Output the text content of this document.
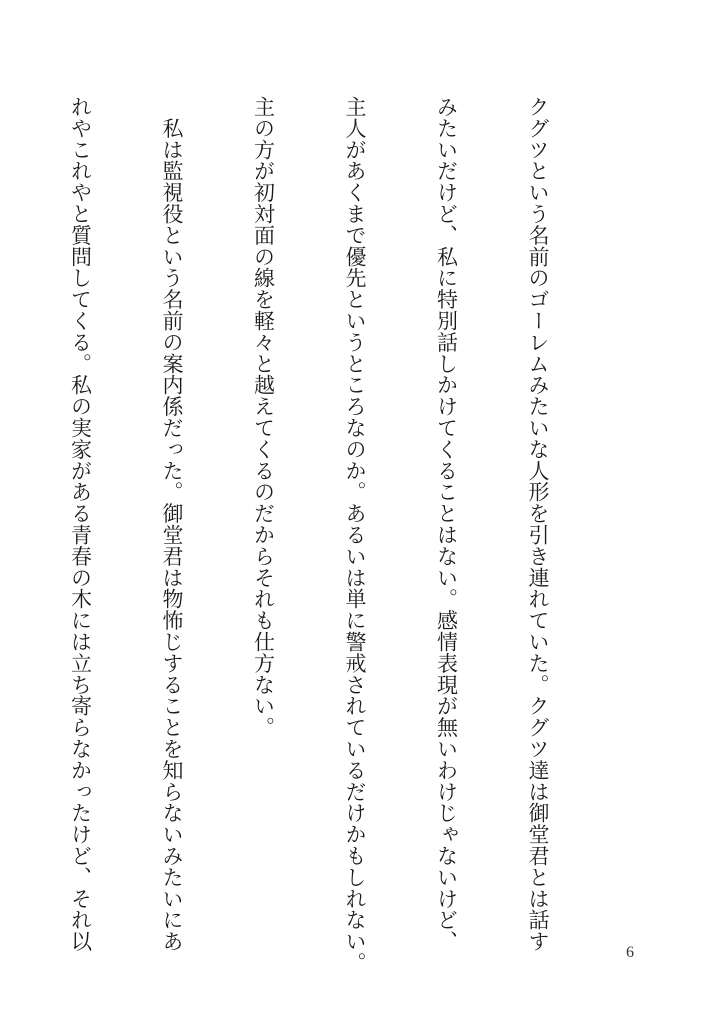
クグツという名前のゴーレムみたいな人形を引き連れていた。クグツ達は御堂君とは話す

みたいだけど、私に特別話しかけてくることはない。感情表現が無いわけじゃないけど、

主人があくまで優先というところなのか。あるいは単に警戒されているだけかもしれない。

主の方が初対面の線を軽々と越えてくるのだからそれも仕方ない。

　私は監視役という名前の案内係だった。御堂君は物怖じすることを知らないみたいにあ

れやこれやと質問してくる。私の実家がある青春の木には立ち寄らなかったけど、それ以

6
